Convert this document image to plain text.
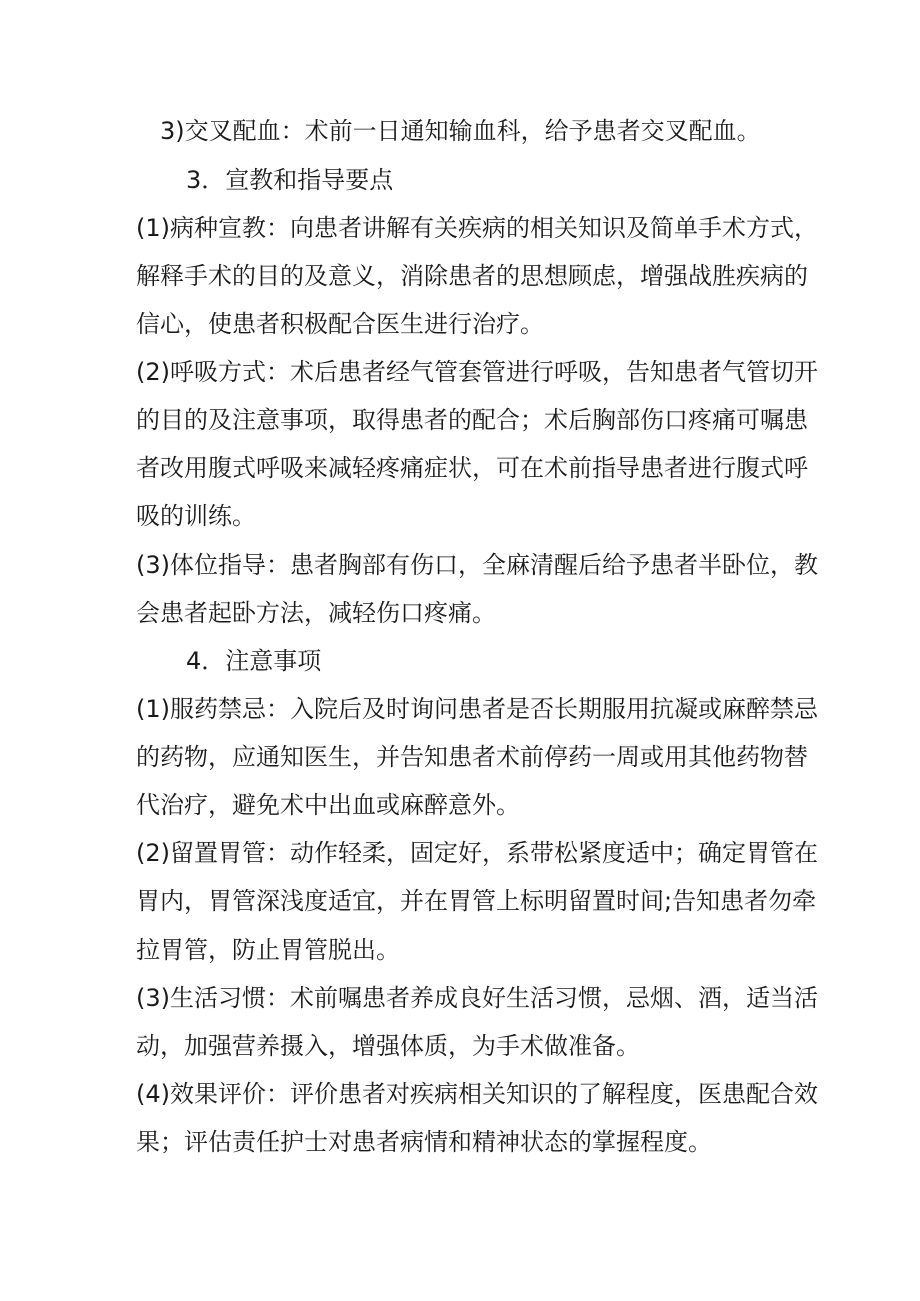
3)交叉配血：术前一日通知输血科，给予患者交叉配血。
3．宣教和指导要点
(1)病种宣教：向患者讲解有关疾病的相关知识及简单手术方式，
解释手术的目的及意义，消除患者的思想顾虑，增强战胜疾病的
信心，使患者积极配合医生进行治疗。
(2)呼吸方式：术后患者经气管套管进行呼吸，告知患者气管切开
的目的及注意事项，取得患者的配合；术后胸部伤口疼痛可嘱患
者改用腹式呼吸来减轻疼痛症状，可在术前指导患者进行腹式呼
吸的训练。
(3)体位指导：患者胸部有伤口，全麻清醒后给予患者半卧位，教
会患者起卧方法，减轻伤口疼痛。
4．注意事项
(1)服药禁忌：入院后及时询问患者是否长期服用抗凝或麻醉禁忌
的药物，应通知医生，并告知患者术前停药一周或用其他药物替
代治疗，避免术中出血或麻醉意外。
(2)留置胃管：动作轻柔，固定好，系带松紧度适中；确定胃管在
胃内，胃管深浅度适宜，并在胃管上标明留置时间;告知患者勿牵
拉胃管，防止胃管脱出。
(3)生活习惯：术前嘱患者养成良好生活习惯，忌烟、酒，适当活
动，加强营养摄入，增强体质，为手术做准备。
(4)效果评价：评价患者对疾病相关知识的了解程度，医患配合效
果；评估责任护士对患者病情和精神状态的掌握程度。
